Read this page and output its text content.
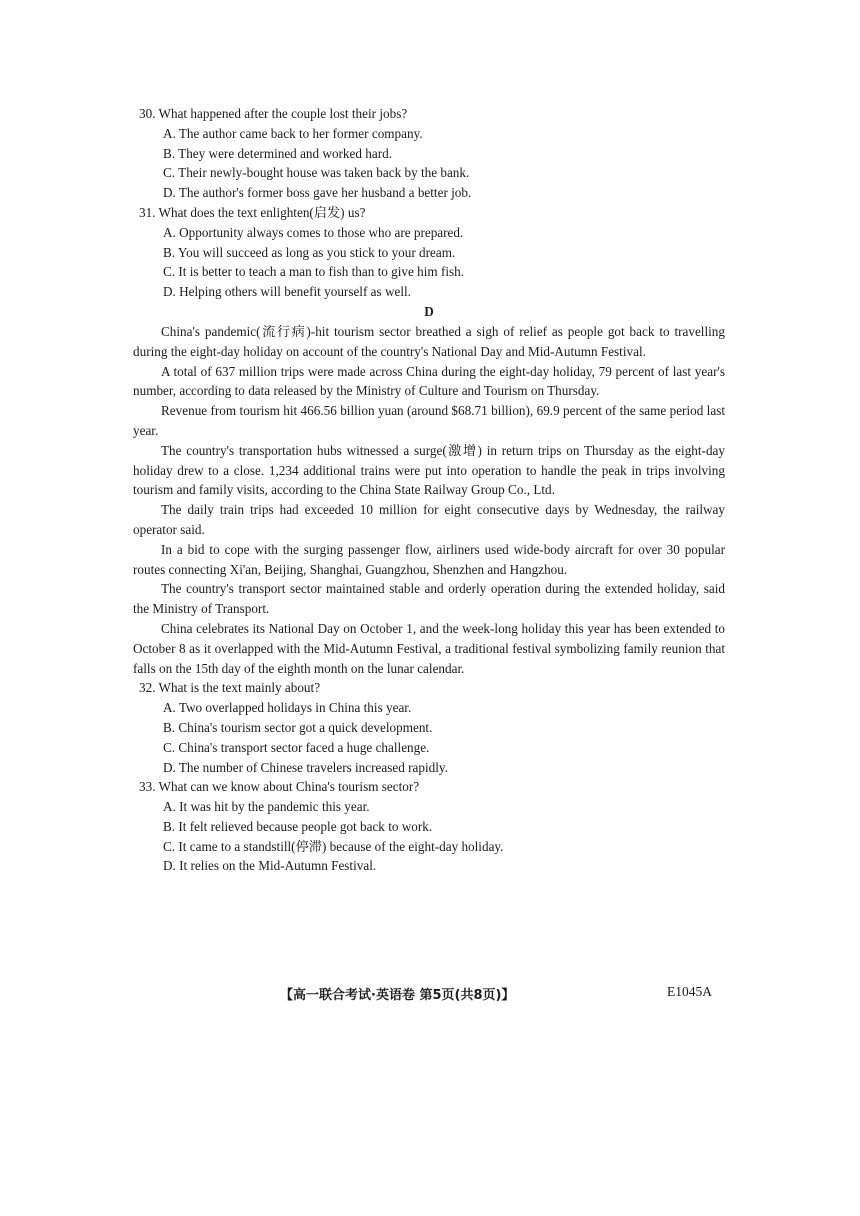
30. What happened after the couple lost their jobs?

A. The author came back to her former company.

B. They were determined and worked hard.

C. Their newly-bought house was taken back by the bank.

D. The author's former boss gave her husband a better job.

31. What does the text enlighten(启发) us?

A. Opportunity always comes to those who are prepared.

B. You will succeed as long as you stick to your dream.

C. It is better to teach a man to fish than to give him fish.

D. Helping others will benefit yourself as well.

D

China's pandemic(流行病)-hit tourism sector breathed a sigh of relief as people got back to travelling during the eight-day holiday on account of the country's National Day and Mid-Autumn Festival.

A total of 637 million trips were made across China during the eight-day holiday, 79 percent of last year's number, according to data released by the Ministry of Culture and Tourism on Thursday.

Revenue from tourism hit 466.56 billion yuan (around $68.71 billion), 69.9 percent of the same period last year.

The country's transportation hubs witnessed a surge(激增) in return trips on Thursday as the eight-day holiday drew to a close. 1,234 additional trains were put into operation to handle the peak in trips involving tourism and family visits, according to the China State Railway Group Co., Ltd.

The daily train trips had exceeded 10 million for eight consecutive days by Wednesday, the railway operator said.

In a bid to cope with the surging passenger flow, airliners used wide-body aircraft for over 30 popular routes connecting Xi'an, Beijing, Shanghai, Guangzhou, Shenzhen and Hangzhou.

The country's transport sector maintained stable and orderly operation during the extended holiday, said the Ministry of Transport.

China celebrates its National Day on October 1, and the week-long holiday this year has been extended to October 8 as it overlapped with the Mid-Autumn Festival, a traditional festival symbolizing family reunion that falls on the 15th day of the eighth month on the lunar calendar.

32. What is the text mainly about?

A. Two overlapped holidays in China this year.

B. China's tourism sector got a quick development.

C. China's transport sector faced a huge challenge.

D. The number of Chinese travelers increased rapidly.

33. What can we know about China's tourism sector?

A. It was hit by the pandemic this year.

B. It felt relieved because people got back to work.

C. It came to a standstill(停滞) because of the eight-day holiday.

D. It relies on the Mid-Autumn Festival.

【高一联合考试·英语卷 第5页(共8页)】	E1045A
